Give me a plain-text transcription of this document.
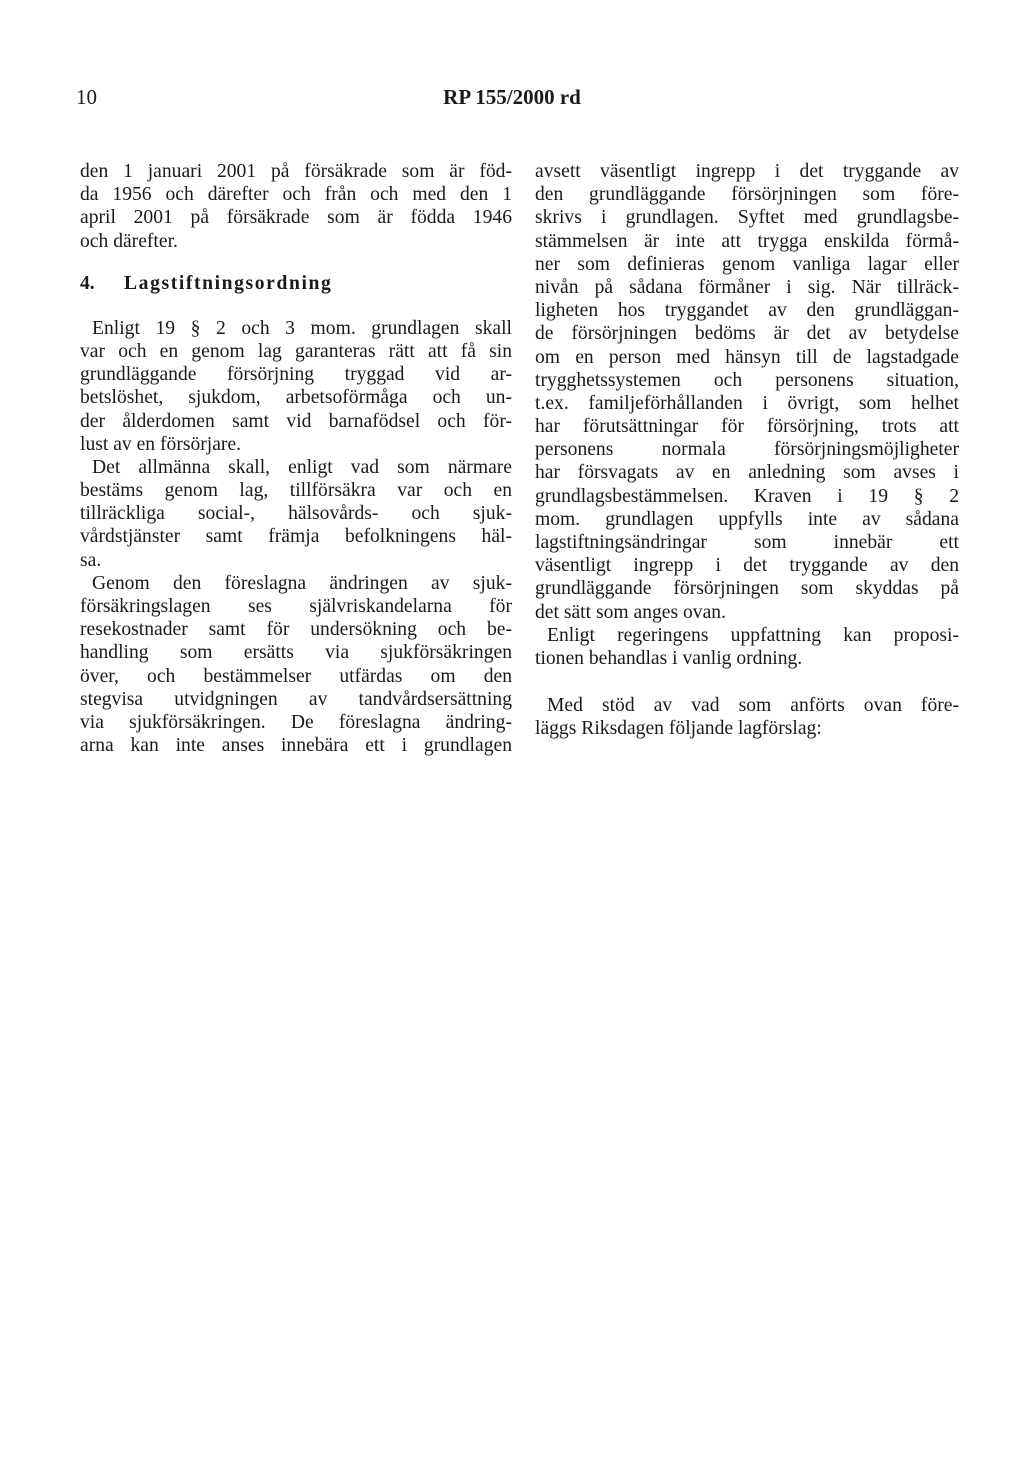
10	RP 155/2000 rd
den 1 januari 2001 på försäkrade som är föd-
da 1956 och därefter och från och med den 1
april 2001 på försäkrade som är födda 1946
och därefter.
4. Lagstiftningsordning
Enligt 19 § 2 och 3 mom. grundlagen skall
var och en genom lag garanteras rätt att få sin
grundläggande försörjning tryggad vid ar-
betslöshet, sjukdom, arbetsoförmåga och un-
der ålderdomen samt vid barnafödsel och för-
lust av en försörjare.
Det allmänna skall, enligt vad som närmare
bestäms genom lag, tillförsäkra var och en
tillräckliga social-, hälsovårds- och sjuk-
vårdstjänster samt främja befolkningens häl-
sa.
Genom den föreslagna ändringen av sjuk-
försäkringslagen ses självriskandelarna för
resekostnader samt för undersökning och be-
handling som ersätts via sjukförsäkringen
över, och bestämmelser utfärdas om den
stegvisa utvidgningen av tandvårdsersättning
via sjukförsäkringen. De föreslagna ändring-
arna kan inte anses innebära ett i grundlagen
avsett väsentligt ingrepp i det tryggande av
den grundläggande försörjningen som före-
skrivs i grundlagen. Syftet med grundlagsbe-
stämmelsen är inte att trygga enskilda förmå-
ner som definieras genom vanliga lagar eller
nivån på sådana förmåner i sig. När tillräck-
ligheten hos tryggandet av den grundläggan-
de försörjningen bedöms är det av betydelse
om en person med hänsyn till de lagstadgade
trygghetssystemen och personens situation,
t.ex. familjeförhållanden i övrigt, som helhet
har förutsättningar för försörjning, trots att
personens normala försörjningsmöjligheter
har försvagats av en anledning som avses i
grundlagsbestämmelsen. Kraven i 19 § 2
mom. grundlagen uppfylls inte av sådana
lagstiftningsändringar som innebär ett
väsentligt ingrepp i det tryggande av den
grundläggande försörjningen som skyddas på
det sätt som anges ovan.
Enligt regeringens uppfattning kan proposi-
tionen behandlas i vanlig ordning.
Med stöd av vad som anförts ovan före-
läggs Riksdagen följande lagförslag:
